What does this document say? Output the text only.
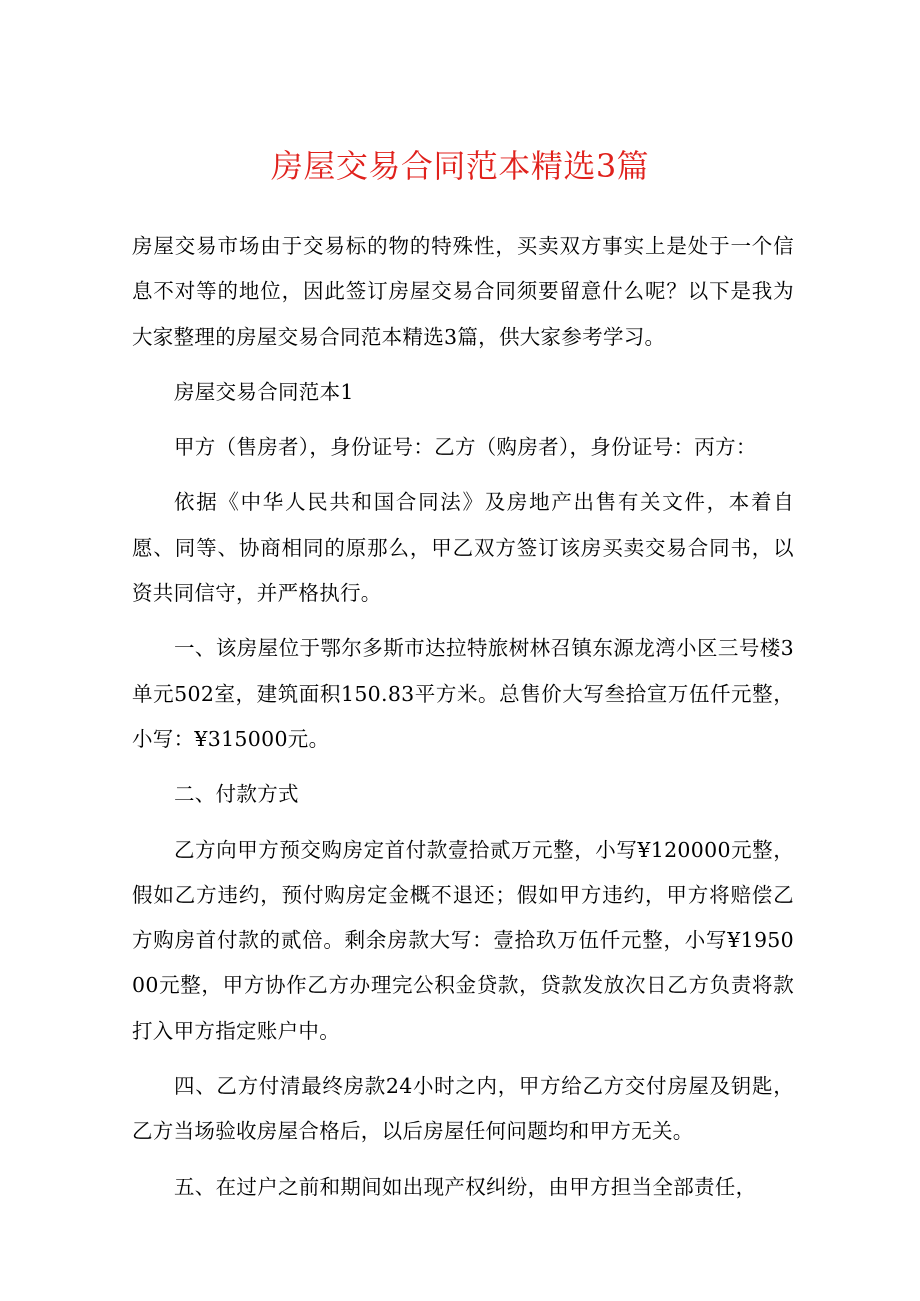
房屋交易合同范本精选3篇

房屋交易市场由于交易标的物的特殊性，买卖双方事实上是处于一个信息不对等的地位，因此签订房屋交易合同须要留意什么呢？以下是我为大家整理的房屋交易合同范本精选3篇，供大家参考学习。

房屋交易合同范本1

甲方（售房者），身份证号：乙方（购房者），身份证号：丙方：

依据《中华人民共和国合同法》及房地产出售有关文件，本着自愿、同等、协商相同的原那么，甲乙双方签订该房买卖交易合同书，以资共同信守，并严格执行。

一、该房屋位于鄂尔多斯市达拉特旅树林召镇东源龙湾小区三号楼3单元502室，建筑面积150.83平方米。总售价大写叁拾宣万伍仟元整，小写：¥315000元。

二、付款方式

乙方向甲方预交购房定首付款壹拾贰万元整，小写¥120000元整，假如乙方违约，预付购房定金概不退还；假如甲方违约，甲方将赔偿乙方购房首付款的贰倍。剩余房款大写：壹拾玖万伍仟元整，小写¥195000元整，甲方协作乙方办理完公积金贷款，贷款发放次日乙方负责将款打入甲方指定账户中。

四、乙方付清最终房款24小时之内，甲方给乙方交付房屋及钥匙，乙方当场验收房屋合格后，以后房屋任何问题均和甲方无关。

五、在过户之前和期间如出现产权纠纷，由甲方担当全部责任，
